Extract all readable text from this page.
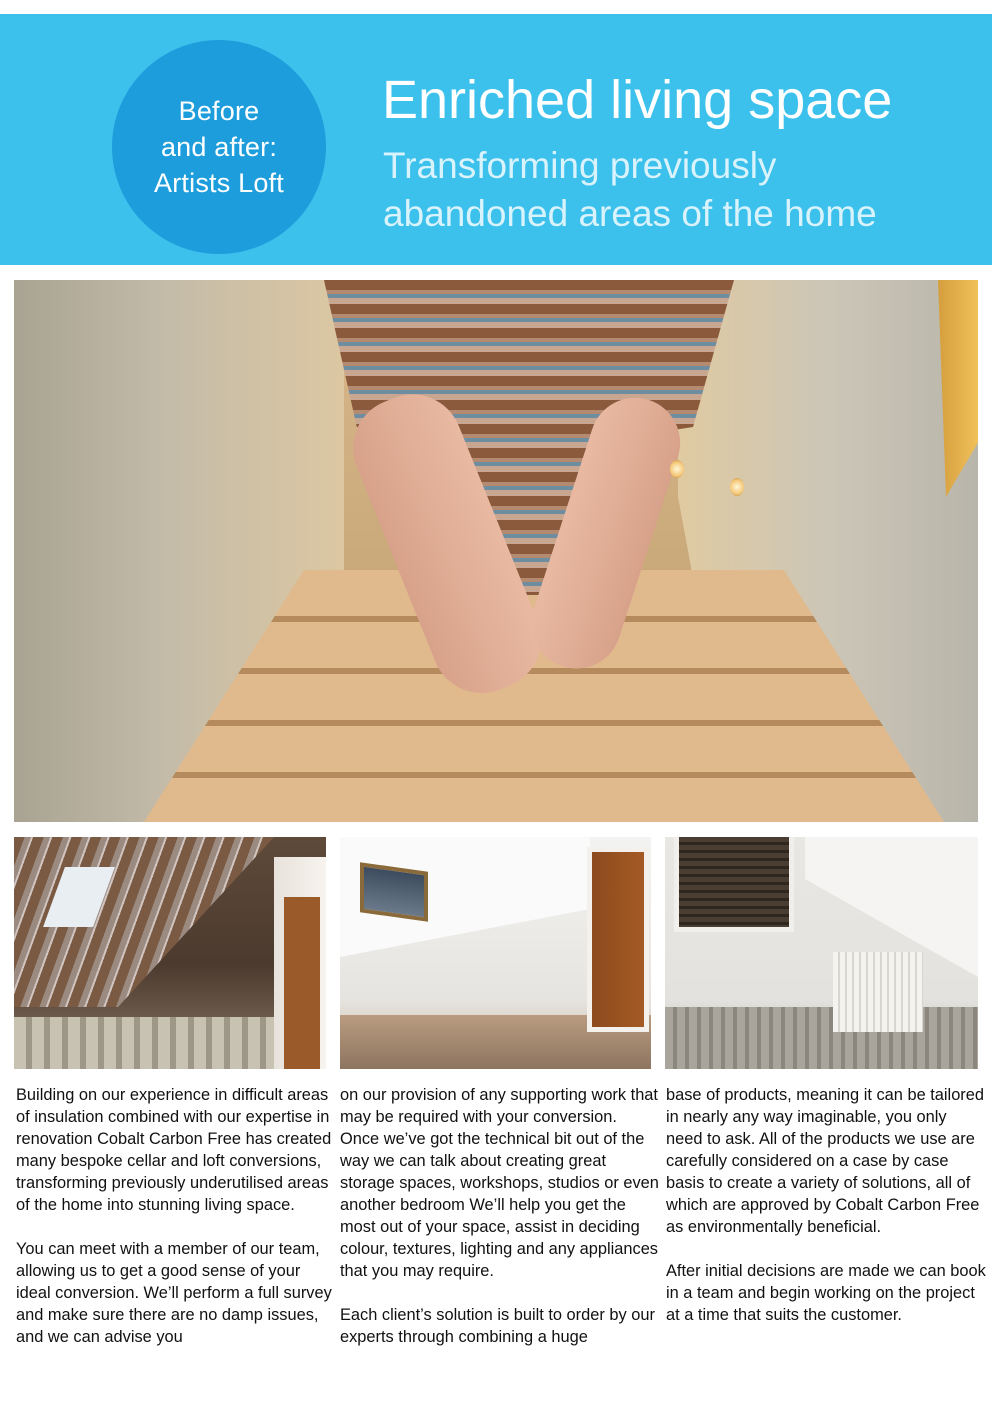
Before
and after:
Artists Loft
Enriched living space
Transforming previously abandoned areas of the home

Building on our experience in difficult areas of insulation combined with our expertise in renovation Cobalt Carbon Free has created many bespoke cellar and loft conversions, transforming previously underutilised areas of the home into stunning living space.

You can meet with a member of our team, allowing us to get a good sense of your ideal conversion. We’ll perform a full survey and make sure there are no damp issues, and we can advise you

on our provision of any supporting work that may be required with your conversion. Once we’ve got the technical bit out of the way we can talk about creating great storage spaces, workshops, studios or even another bedroom We’ll help you get the most out of your space, assist in deciding colour, textures, lighting and any appliances that you may require.

Each client’s solution is built to order by our experts through combining a huge

base of products, meaning it can be tailored in nearly any way imaginable, you only need to ask. All of the products we use are carefully considered on a case by case basis to create a variety of solutions, all of which are approved by Cobalt Carbon Free as environmentally beneficial.

After initial decisions are made we can book in a team and begin working on the project at a time that suits the customer.
